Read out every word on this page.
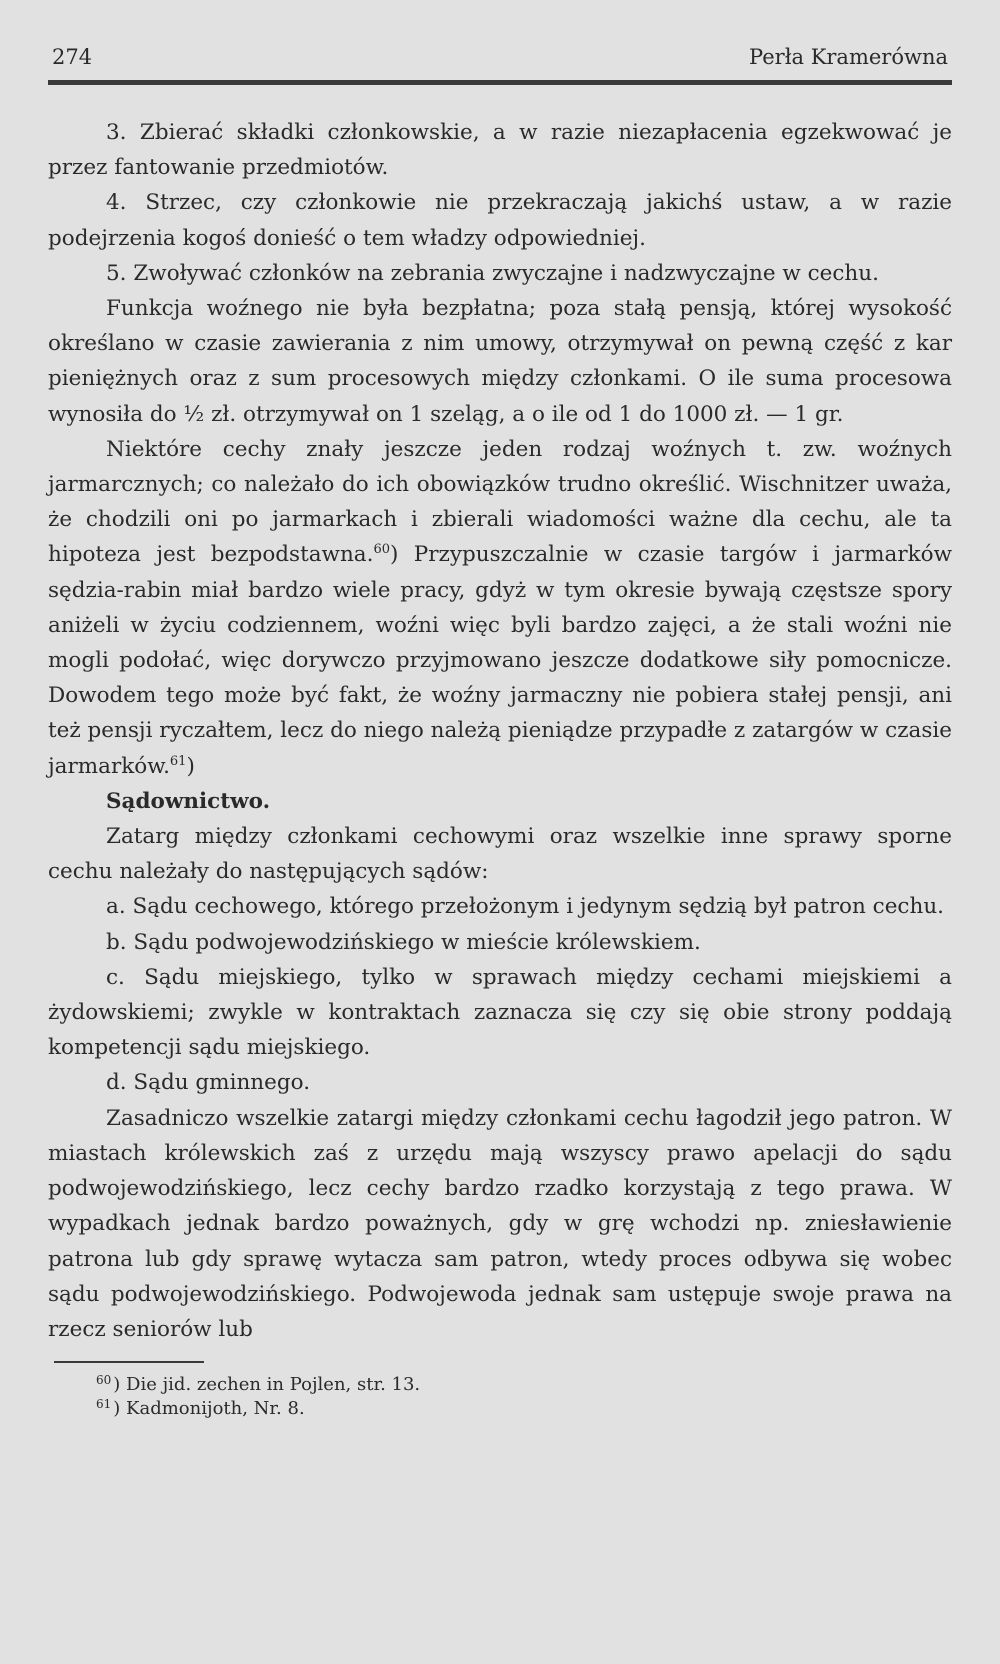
274	Perła Kramerówna

3. Zbierać składki członkowskie, a w razie niezapłacenia egzekwować je przez fantowanie przedmiotów.

4. Strzec, czy członkowie nie przekraczają jakichś ustaw, a w razie podejrzenia kogoś donieść o tem władzy odpowiedniej.

5. Zwoływać członków na zebrania zwyczajne i nadzwyczajne w cechu.

Funkcja woźnego nie była bezpłatna; poza stałą pensją, której wysokość określano w czasie zawierania z nim umowy, otrzymywał on pewną część z kar pieniężnych oraz z sum procesowych między członkami. O ile suma procesowa wynosiła do ½ zł. otrzymywał on 1 szeląg, a o ile od 1 do 1000 zł. — 1 gr.

Niektóre cechy znały jeszcze jeden rodzaj woźnych t. zw. woźnych jarmarcznych; co należało do ich obowiązków trudno określić. Wischnitzer uważa, że chodzili oni po jarmarkach i zbierali wiadomości ważne dla cechu, ale ta hipoteza jest bezpodstawna.$^{60}$) Przypuszczalnie w czasie targów i jarmarków sędzia-rabin miał bardzo wiele pracy, gdyż w tym okresie bywają częstsze spory aniżeli w życiu codziennem, woźni więc byli bardzo zajęci, a że stali woźni nie mogli podołać, więc dorywczo przyjmowano jeszcze dodatkowe siły pomocnicze. Dowodem tego może być fakt, że woźny jarmaczny nie pobiera stałej pensji, ani też pensji ryczałtem, lecz do niego należą pieniądze przypadłe z zatargów w czasie jarmarków.$^{61}$)

Sądownictwo.

Zatarg między członkami cechowymi oraz wszelkie inne sprawy sporne cechu należały do następujących sądów:

a. Sądu cechowego, którego przełożonym i jedynym sędzią był patron cechu.

b. Sądu podwojewodzińskiego w mieście królewskiem.

c. Sądu miejskiego, tylko w sprawach między cechami miejskiemi a żydowskiemi; zwykle w kontraktach zaznacza się czy się obie strony poddają kompetencji sądu miejskiego.

d. Sądu gminnego.

Zasadniczo wszelkie zatargi między członkami cechu łagodził jego patron. W miastach królewskich zaś z urzędu mają wszyscy prawo apelacji do sądu podwojewodzińskiego, lecz cechy bardzo rzadko korzystają z tego prawa. W wypadkach jednak bardzo poważnych, gdy w grę wchodzi np. zniesławienie patrona lub gdy sprawę wytacza sam patron, wtedy proces odbywa się wobec sądu podwojewodzińskiego. Podwojewoda jednak sam ustępuje swoje prawa na rzecz seniorów lub

$^{60}$ ) Die jid. zechen in Pojlen, str. 13.

$^{61}$ ) Kadmonijoth, Nr. 8.
